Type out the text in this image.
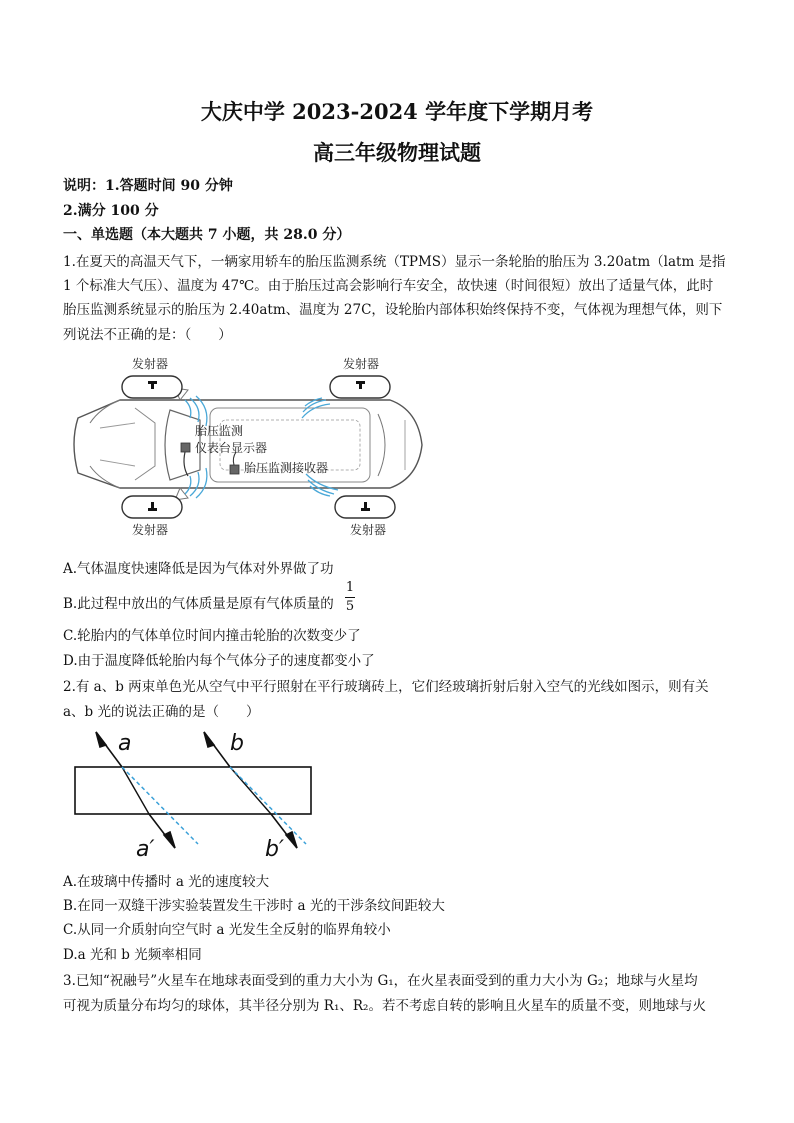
大庆中学 2023-2024 学年度下学期月考
高三年级物理试题
说明：1.答题时间 90 分钟
2.满分 100 分
一、单选题（本大题共 7 小题，共 28.0 分）
1.在夏天的高温天气下，一辆家用轿车的胎压监测系统（TPMS）显示一条轮胎的胎压为 3.20atm（latm 是指
1 个标准大气压）、温度为 47℃。由于胎压过高会影响行车安全，故快速（时间很短）放出了适量气体，此时
胎压监测系统显示的胎压为 2.40atm、温度为 27C，设轮胎内部体积始终保持不变，气体视为理想气体，则下
列说法不正确的是：（　　）
发射器	发射器
发射器	发射器
胎压监测
仪表台显示器
胎压监测接收器
A.气体温度快速降低是因为气体对外界做了功
B.此过程中放出的气体质量是原有气体质量的
1
5
C.轮胎内的气体单位时间内撞击轮胎的次数变少了
D.由于温度降低轮胎内每个气体分子的速度都变小了
2.有 a、b 两束单色光从空气中平行照射在平行玻璃砖上，它们经玻璃折射后射入空气的光线如图示，则有关
a、b 光的说法正确的是（　　）
a	b
a′	b′
A.在玻璃中传播时 a 光的速度较大
B.在同一双缝干涉实验装置发生干涉时 a 光的干涉条纹间距较大
C.从同一介质射向空气时 a 光发生全反射的临界角较小
D.a 光和 b 光频率相同
3.已知“祝融号”火星车在地球表面受到的重力大小为 G₁，在火星表面受到的重力大小为 G₂；地球与火星均
可视为质量分布均匀的球体，其半径分别为 R₁、R₂。若不考虑自转的影响且火星车的质量不变，则地球与火
